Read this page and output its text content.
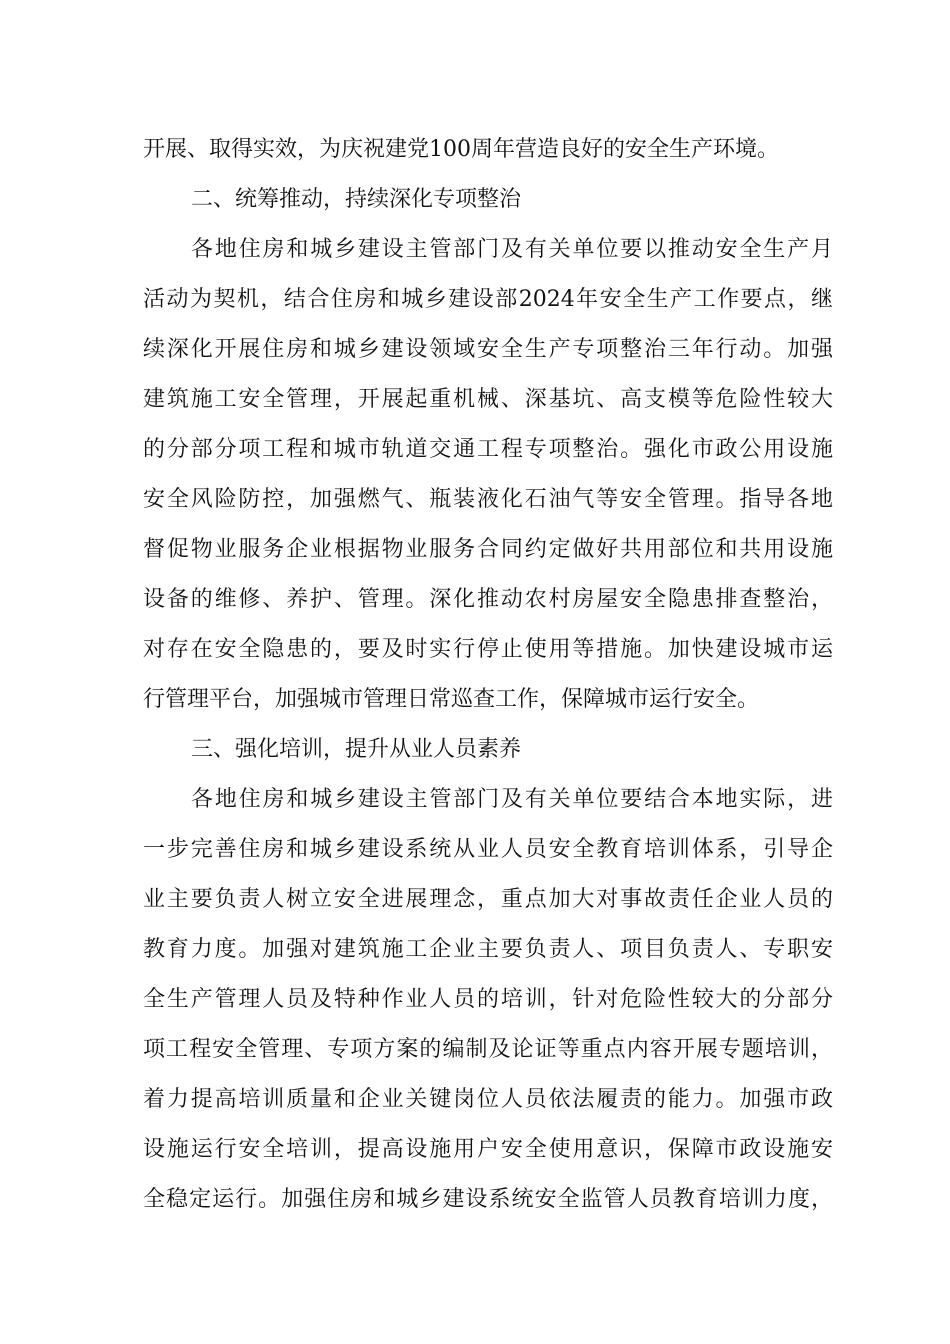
开展、取得实效，为庆祝建党100周年营造良好的安全生产环境。
二、统筹推动，持续深化专项整治
各地住房和城乡建设主管部门及有关单位要以推动安全生产月
活动为契机，结合住房和城乡建设部2024年安全生产工作要点，继
续深化开展住房和城乡建设领域安全生产专项整治三年行动。加强
建筑施工安全管理，开展起重机械、深基坑、高支模等危险性较大
的分部分项工程和城市轨道交通工程专项整治。强化市政公用设施
安全风险防控，加强燃气、瓶装液化石油气等安全管理。指导各地
督促物业服务企业根据物业服务合同约定做好共用部位和共用设施
设备的维修、养护、管理。深化推动农村房屋安全隐患排查整治，
对存在安全隐患的，要及时实行停止使用等措施。加快建设城市运
行管理平台，加强城市管理日常巡查工作，保障城市运行安全。
三、强化培训，提升从业人员素养
各地住房和城乡建设主管部门及有关单位要结合本地实际，进
一步完善住房和城乡建设系统从业人员安全教育培训体系，引导企
业主要负责人树立安全进展理念，重点加大对事故责任企业人员的
教育力度。加强对建筑施工企业主要负责人、项目负责人、专职安
全生产管理人员及特种作业人员的培训，针对危险性较大的分部分
项工程安全管理、专项方案的编制及论证等重点内容开展专题培训，
着力提高培训质量和企业关键岗位人员依法履责的能力。加强市政
设施运行安全培训，提高设施用户安全使用意识，保障市政设施安
全稳定运行。加强住房和城乡建设系统安全监管人员教育培训力度，
